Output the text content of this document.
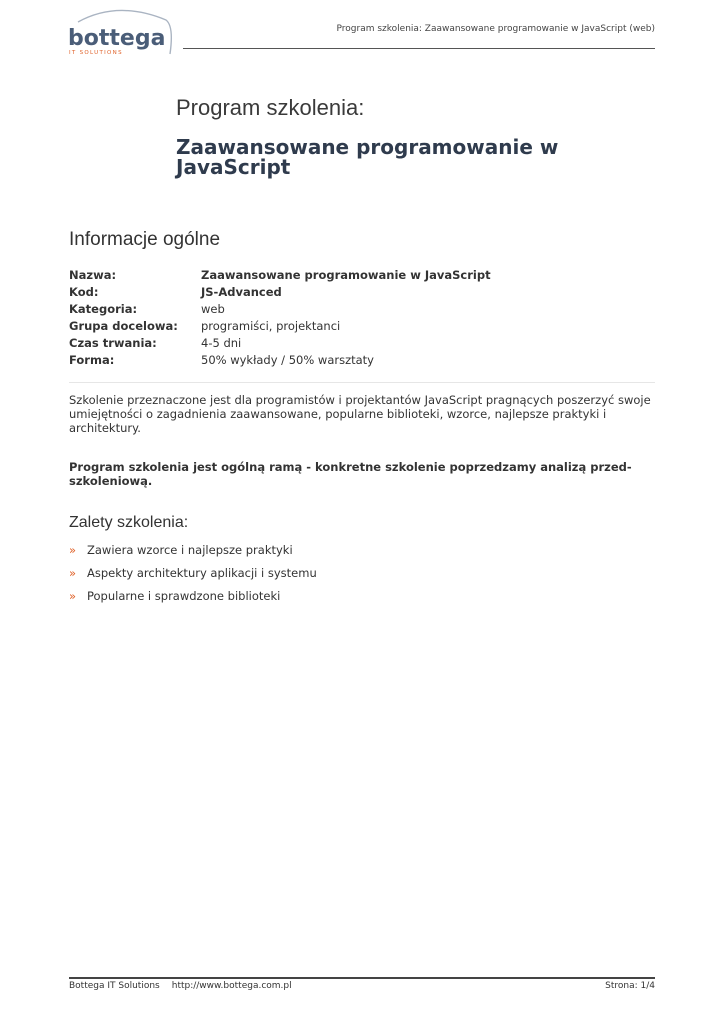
bottega
IT SOLUTIONS
Program szkolenia: Zaawansowane programowanie w JavaScript (web)
Program szkolenia:
Zaawansowane programowanie w JavaScript
Informacje ogólne
Nazwa:	Zaawansowane programowanie w JavaScript
Kod:	JS-Advanced
Kategoria:	web
Grupa docelowa:	programiści, projektanci
Czas trwania:	4-5 dni
Forma:	50% wykłady / 50% warsztaty

Szkolenie przeznaczone jest dla programistów i projektantów JavaScript pragnących poszerzyć swoje umiejętności o zagadnienia zaawansowane, popularne biblioteki, wzorce, najlepsze praktyki i architektury.

Program szkolenia jest ogólną ramą - konkretne szkolenie poprzedzamy analizą przed-szkoleniową.

Zalety szkolenia:
» Zawiera wzorce i najlepsze praktyki
» Aspekty architektury aplikacji i systemu
» Popularne i sprawdzone biblioteki
Bottega IT Solutions http://www.bottega.com.pl	Strona: 1/4
